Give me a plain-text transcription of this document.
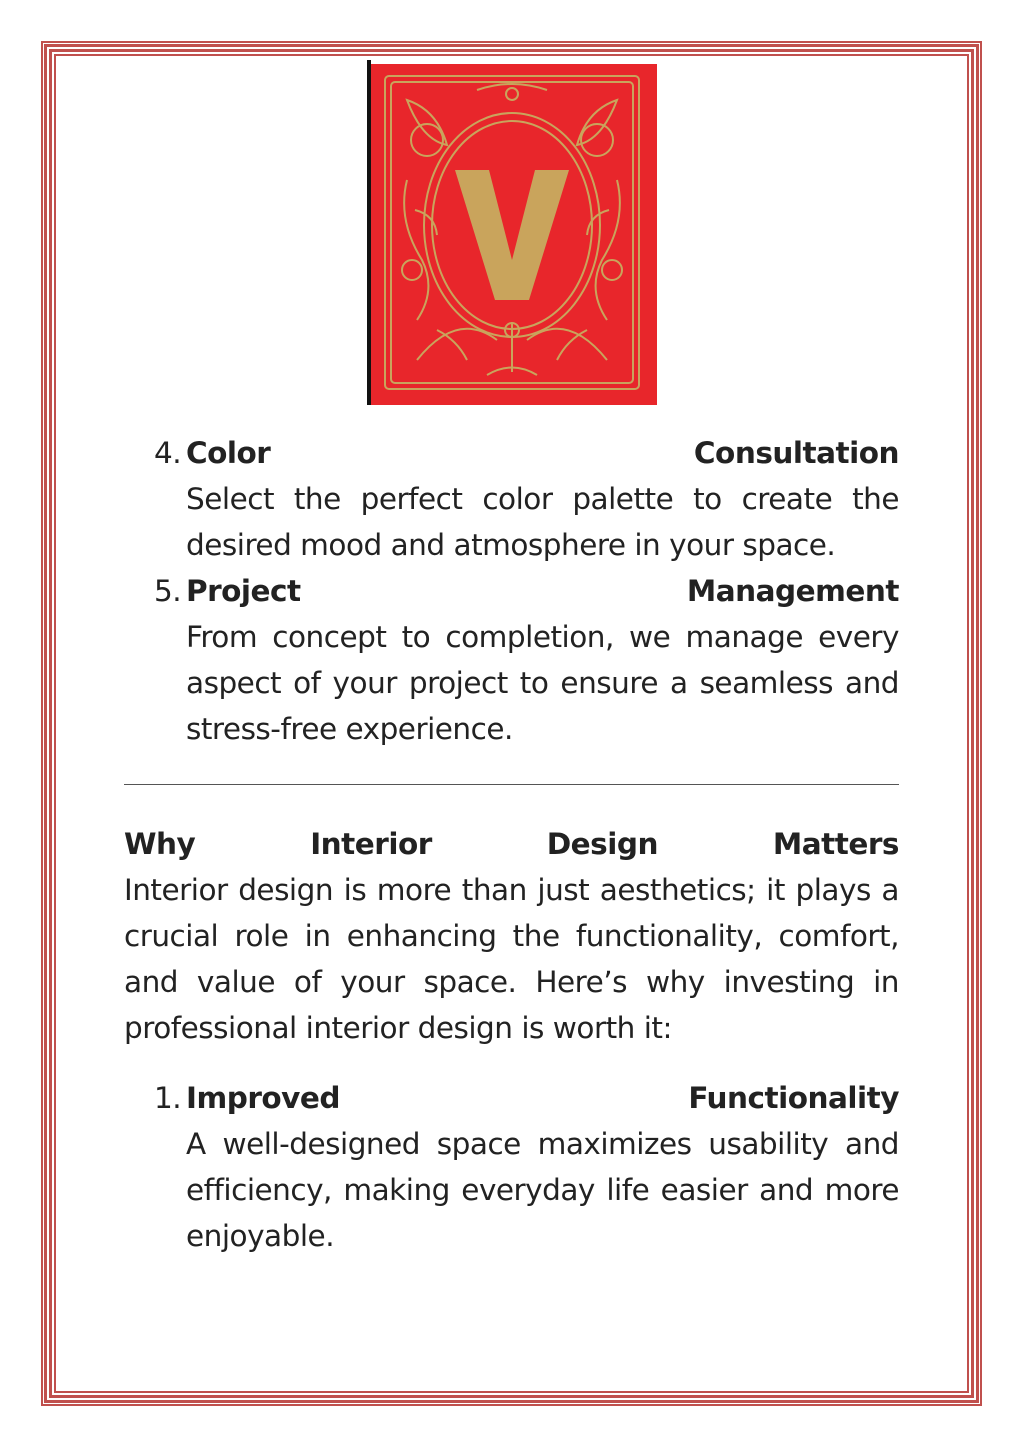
4. Color	Consultation
Select the perfect color palette to create the desired mood and atmosphere in your space.
5. Project	Management
From concept to completion, we manage every aspect of your project to ensure a seamless and stress-free experience.
Why	Interior	Design	Matters
Interior design is more than just aesthetics; it plays a crucial role in enhancing the functionality, comfort, and value of your space. Here’s why investing in professional interior design is worth it:
1. Improved	Functionality
A well-designed space maximizes usability and efficiency, making everyday life easier and more enjoyable.
